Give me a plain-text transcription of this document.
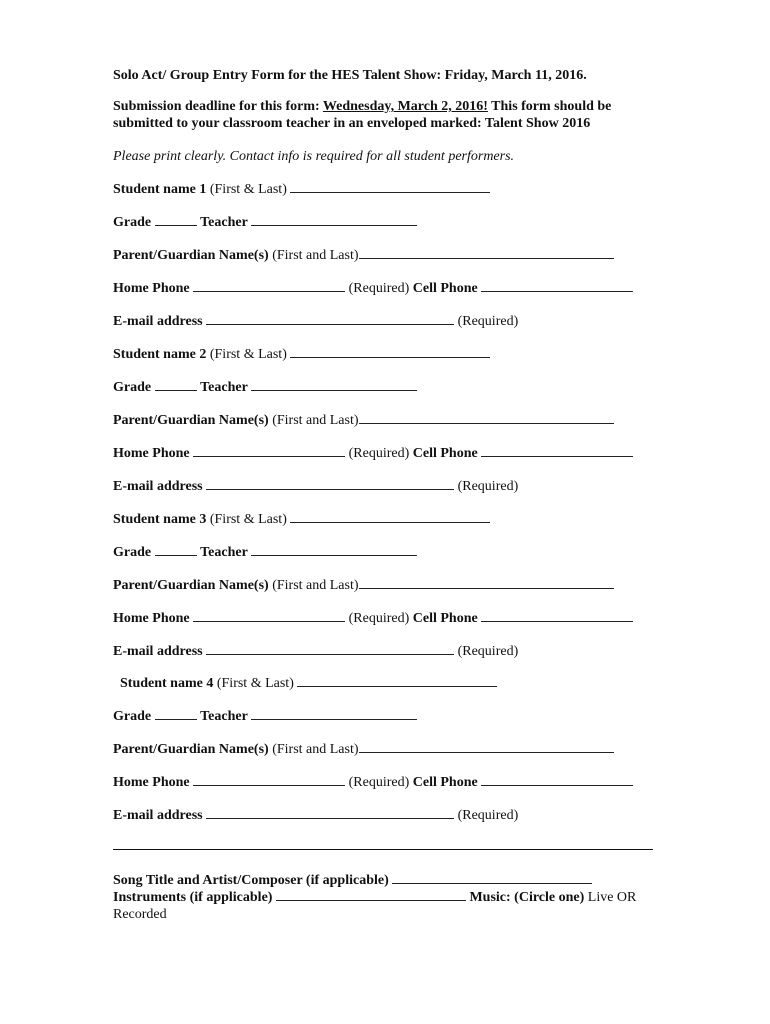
Solo Act/ Group Entry Form for the HES Talent Show: Friday, March 11, 2016.
Submission deadline for this form: Wednesday, March 2, 2016! This form should be submitted to your classroom teacher in an enveloped marked: Talent Show 2016
Please print clearly. Contact info is required for all student performers.
Student name 1 (First & Last)
Grade	Teacher
Parent/Guardian Name(s) (First and Last)
Home Phone	(Required) Cell Phone
E-mail address	(Required)
Student name 2 (First & Last)
Grade	Teacher
Parent/Guardian Name(s) (First and Last)
Home Phone	(Required) Cell Phone
E-mail address	(Required)
Student name 3 (First & Last)
Grade	Teacher
Parent/Guardian Name(s) (First and Last)
Home Phone	(Required) Cell Phone
E-mail address	(Required)
Student name 4 (First & Last)
Grade	Teacher
Parent/Guardian Name(s) (First and Last)
Home Phone	(Required) Cell Phone
E-mail address	(Required)
Song Title and Artist/Composer (if applicable)
Instruments (if applicable)	Music: (Circle one) Live OR Recorded
